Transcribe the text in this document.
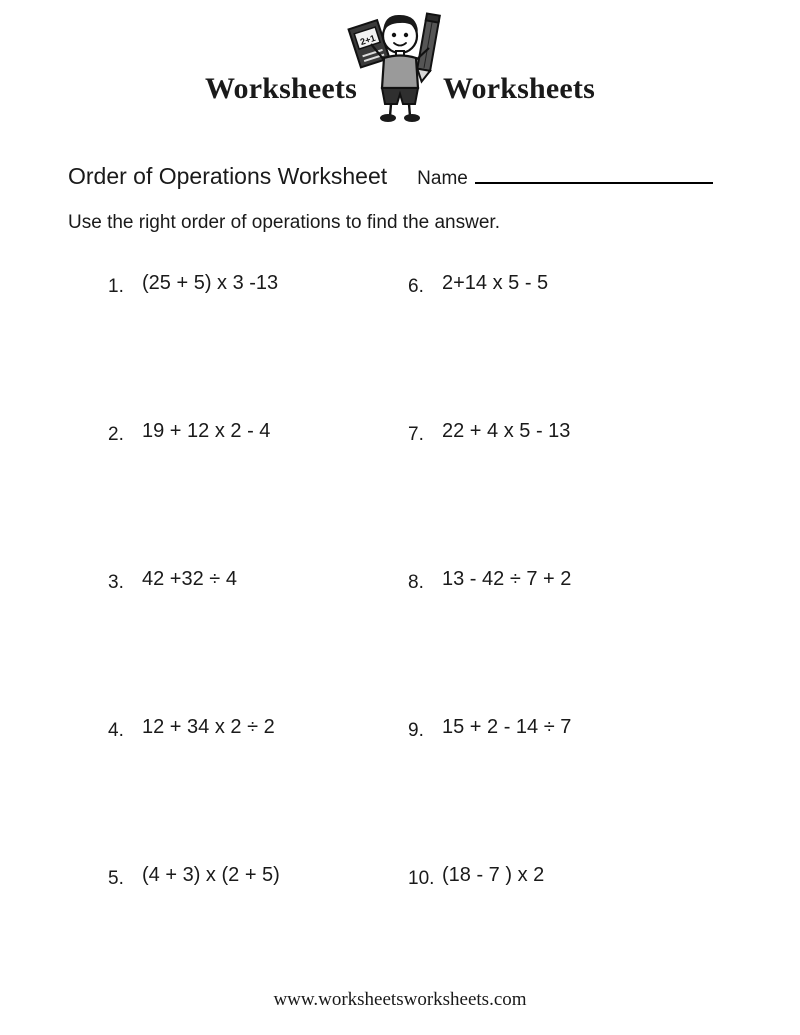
Worksheets	Worksheets
2+1
Order of Operations Worksheet Name
Use the right order of operations to find the answer.
1. (25 + 5) x 3 -13	6. 2+14 x 5 - 5
2. 19 + 12 x 2 - 4	7. 22 + 4 x 5 - 13
3. 42 +32 ÷ 4	8. 13 - 42 ÷ 7 + 2
4. 12 + 34 x 2 ÷ 2	9. 15 + 2 - 14 ÷ 7
5. (4 + 3) x (2 + 5)	10. (18 - 7 ) x 2
www.worksheetsworksheets.com
